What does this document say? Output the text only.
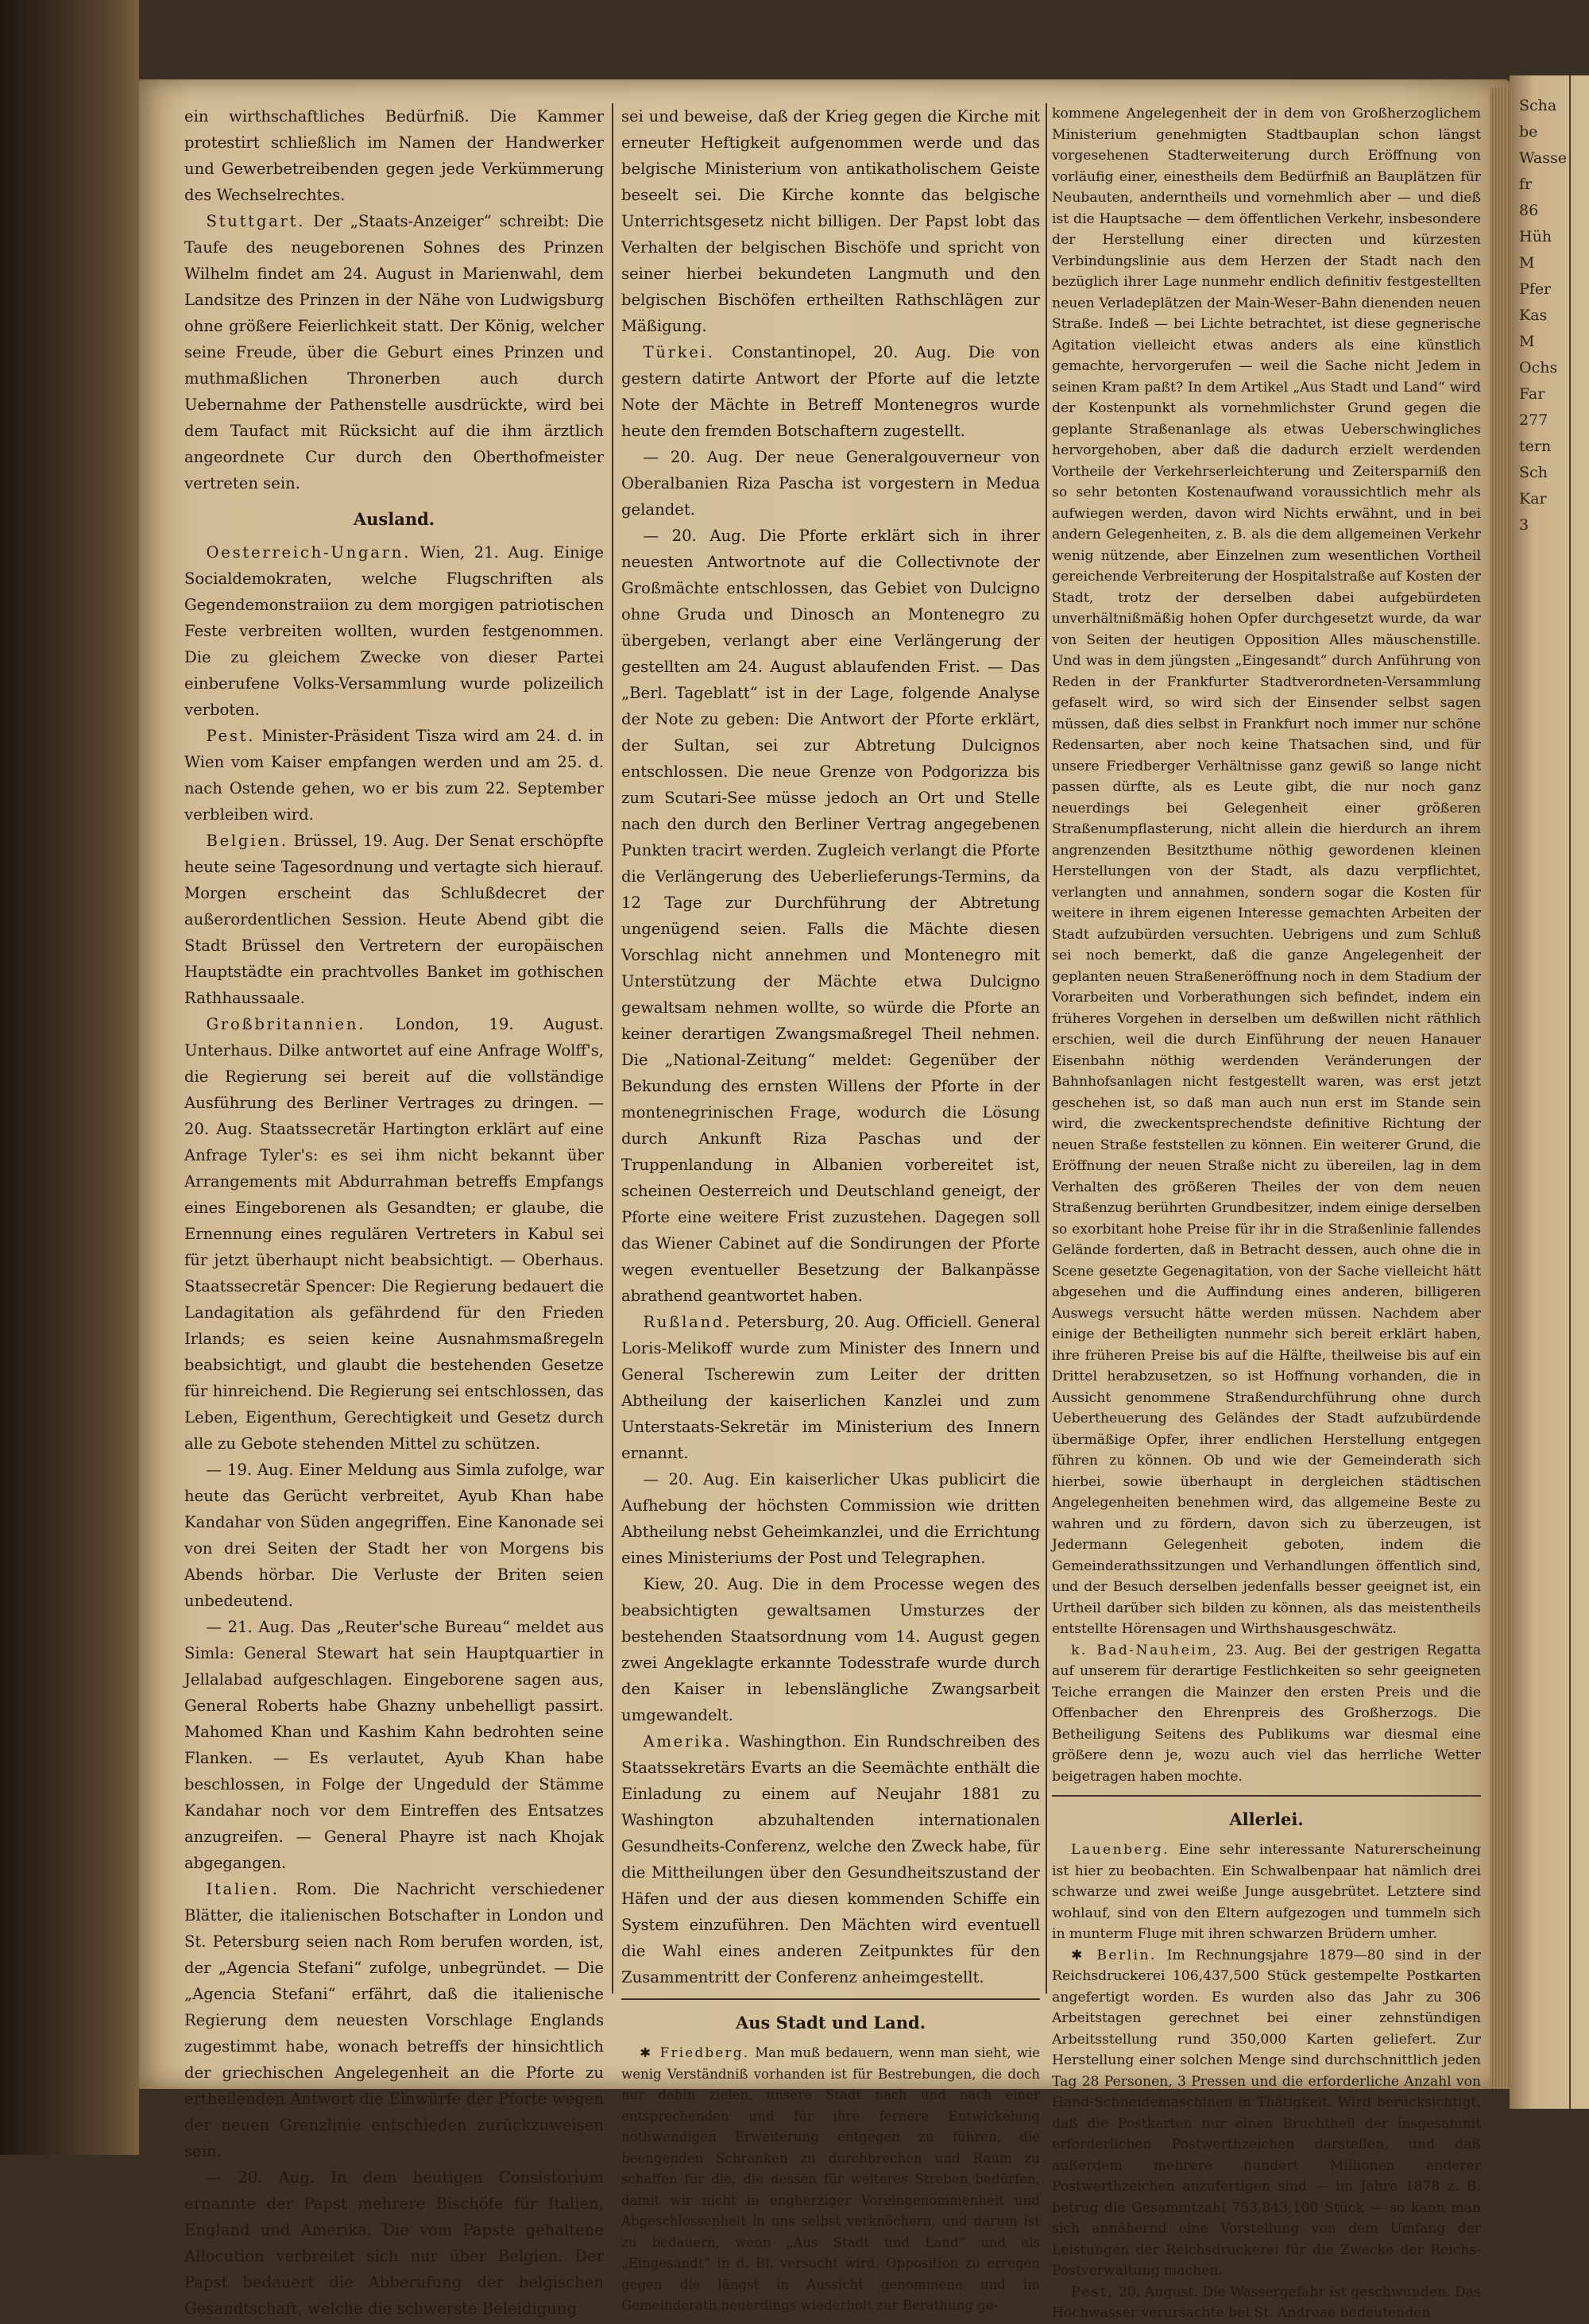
Scha
be
Wasse
fr
86
Hüh
M
Pfer
Kas
M
Ochs
Far
277
tern
Sch
Kar
3

ein wirthschaftliches Bedürfniß. Die Kammer protestirt schließlich im Namen der Handwerker und Gewerbetreibenden gegen jede Verkümmerung des Wechselrechtes.

Stuttgart. Der „Staats-Anzeiger“ schreibt: Die Taufe des neugeborenen Sohnes des Prinzen Wilhelm findet am 24. August in Marienwahl, dem Landsitze des Prinzen in der Nähe von Ludwigsburg ohne größere Feierlichkeit statt. Der König, welcher seine Freude, über die Geburt eines Prinzen und muthmaßlichen Thronerben auch durch Uebernahme der Pathenstelle ausdrückte, wird bei dem Taufact mit Rücksicht auf die ihm ärztlich angeordnete Cur durch den Oberthofmeister vertreten sein.

Ausland.

Oesterreich-Ungarn. Wien, 21. Aug. Einige Socialdemokraten, welche Flugschriften als Gegendemonstraiion zu dem morgigen patriotischen Feste verbreiten wollten, wurden festgenommen. Die zu gleichem Zwecke von dieser Partei einberufene Volks-Versammlung wurde polizeilich verboten.

Pest. Minister-Präsident Tisza wird am 24. d. in Wien vom Kaiser empfangen werden und am 25. d. nach Ostende gehen, wo er bis zum 22. September verbleiben wird.

Belgien. Brüssel, 19. Aug. Der Senat erschöpfte heute seine Tagesordnung und vertagte sich hierauf. Morgen erscheint das Schlußdecret der außerordentlichen Session. Heute Abend gibt die Stadt Brüssel den Vertretern der europäischen Hauptstädte ein prachtvolles Banket im gothischen Rathhaussaale.

Großbritannien. London, 19. August. Unterhaus. Dilke antwortet auf eine Anfrage Wolff's, die Regierung sei bereit auf die vollständige Ausführung des Berliner Vertrages zu dringen. — 20. Aug. Staatssecretär Hartington erklärt auf eine Anfrage Tyler's: es sei ihm nicht bekannt über Arrangements mit Abdurrahman betreffs Empfangs eines Eingeborenen als Gesandten; er glaube, die Ernennung eines regulären Vertreters in Kabul sei für jetzt überhaupt nicht beabsichtigt. — Oberhaus. Staatssecretär Spencer: Die Regierung bedauert die Landagitation als gefährdend für den Frieden Irlands; es seien keine Ausnahmsmaßregeln beabsichtigt, und glaubt die bestehenden Gesetze für hinreichend. Die Regierung sei entschlossen, das Leben, Eigenthum, Gerechtigkeit und Gesetz durch alle zu Gebote stehenden Mittel zu schützen.

— 19. Aug. Einer Meldung aus Simla zufolge, war heute das Gerücht verbreitet, Ayub Khan habe Kandahar von Süden angegriffen. Eine Kanonade sei von drei Seiten der Stadt her von Morgens bis Abends hörbar. Die Verluste der Briten seien unbedeutend.

— 21. Aug. Das „Reuter'sche Bureau“ meldet aus Simla: General Stewart hat sein Hauptquartier in Jellalabad aufgeschlagen. Eingeborene sagen aus, General Roberts habe Ghazny unbehelligt passirt. Mahomed Khan und Kashim Kahn bedrohten seine Flanken. — Es verlautet, Ayub Khan habe beschlossen, in Folge der Ungeduld der Stämme Kandahar noch vor dem Eintreffen des Entsatzes anzugreifen. — General Phayre ist nach Khojak abgegangen.

Italien. Rom. Die Nachricht verschiedener Blätter, die italienischen Botschafter in London und St. Petersburg seien nach Rom berufen worden, ist, der „Agencia Stefani“ zufolge, unbegründet. — Die „Agencia Stefani“ erfährt, daß die italienische Regierung dem neuesten Vorschlage Englands zugestimmt habe, wonach betreffs der hinsichtlich der griechischen Angelegenheit an die Pforte zu ertheilenden Antwort die Einwürfe der Pforte wegen der neuen Grenzlinie entschieden zurückzuweisen sein.

— 20. Aug. In dem heutigen Consistorium ernannte der Papst mehrere Bischöfe für Italien, England und Amerika. Die vom Papste gehaltene Allocution verbreitet sich nur über Belgien. Der Papst bedauert die Abberufung der belgischen Gesandtschaft, welche die schwerste Beleidigung

sei und beweise, daß der Krieg gegen die Kirche mit erneuter Heftigkeit aufgenommen werde und das belgische Ministerium von antikatholischem Geiste beseelt sei. Die Kirche konnte das belgische Unterrichtsgesetz nicht billigen. Der Papst lobt das Verhalten der belgischen Bischöfe und spricht von seiner hierbei bekundeten Langmuth und den belgischen Bischöfen ertheilten Rathschlägen zur Mäßigung.

Türkei. Constantinopel, 20. Aug. Die von gestern datirte Antwort der Pforte auf die letzte Note der Mächte in Betreff Montenegros wurde heute den fremden Botschaftern zugestellt.

— 20. Aug. Der neue Generalgouverneur von Oberalbanien Riza Pascha ist vorgestern in Medua gelandet.

— 20. Aug. Die Pforte erklärt sich in ihrer neuesten Antwortnote auf die Collectivnote der Großmächte entschlossen, das Gebiet von Dulcigno ohne Gruda und Dinosch an Montenegro zu übergeben, verlangt aber eine Verlängerung der gestellten am 24. August ablaufenden Frist. — Das „Berl. Tageblatt“ ist in der Lage, folgende Analyse der Note zu geben: Die Antwort der Pforte erklärt, der Sultan, sei zur Abtretung Dulcignos entschlossen. Die neue Grenze von Podgorizza bis zum Scutari-See müsse jedoch an Ort und Stelle nach den durch den Berliner Vertrag angegebenen Punkten tracirt werden. Zugleich verlangt die Pforte die Verlängerung des Ueberlieferungs-Termins, da 12 Tage zur Durchführung der Abtretung ungenügend seien. Falls die Mächte diesen Vorschlag nicht annehmen und Montenegro mit Unterstützung der Mächte etwa Dulcigno gewaltsam nehmen wollte, so würde die Pforte an keiner derartigen Zwangsmaßregel Theil nehmen. Die „National-Zeitung“ meldet: Gegenüber der Bekundung des ernsten Willens der Pforte in der montenegrinischen Frage, wodurch die Lösung durch Ankunft Riza Paschas und der Truppenlandung in Albanien vorbereitet ist, scheinen Oesterreich und Deutschland geneigt, der Pforte eine weitere Frist zuzustehen. Dagegen soll das Wiener Cabinet auf die Sondirungen der Pforte wegen eventueller Besetzung der Balkanpässe abrathend geantwortet haben.

Rußland. Petersburg, 20. Aug. Officiell. General Loris-Melikoff wurde zum Minister des Innern und General Tscherewin zum Leiter der dritten Abtheilung der kaiserlichen Kanzlei und zum Unterstaats-Sekretär im Ministerium des Innern ernannt.

— 20. Aug. Ein kaiserlicher Ukas publicirt die Aufhebung der höchsten Commission wie dritten Abtheilung nebst Geheimkanzlei, und die Errichtung eines Ministeriums der Post und Telegraphen.

Kiew, 20. Aug. Die in dem Processe wegen des beabsichtigten gewaltsamen Umsturzes der bestehenden Staatsordnung vom 14. August gegen zwei Angeklagte erkannte Todesstrafe wurde durch den Kaiser in lebenslängliche Zwangsarbeit umgewandelt.

Amerika. Washingthon. Ein Rundschreiben des Staatssekretärs Evarts an die Seemächte enthält die Einladung zu einem auf Neujahr 1881 zu Washington abzuhaltenden internationalen Gesundheits-Conferenz, welche den Zweck habe, für die Mittheilungen über den Gesundheitszustand der Häfen und der aus diesen kommenden Schiffe ein System einzuführen. Den Mächten wird eventuell die Wahl eines anderen Zeitpunktes für den Zusammentritt der Conferenz anheimgestellt.

Aus Stadt und Land.

✱ Friedberg. Man muß bedauern, wenn man sieht, wie wenig Verständniß vorhanden ist für Bestrebungen, die doch nur dahin zielen, unsere Stadt nach und nach einer entsprechenden und für ihre fernere Entwickelung nothwendigen Erweiterung entgegen zu führen, die beengenden Schranken zu durchbrechen und Raum zu schaffen für die, die dessen für weiteres Streben bedürfen, damit wir nicht in engherziger Voreingenommenheit und Abgeschlossenheit in uns selbst verknöchern, und darum ist zu bedauern, wenn „Aus Stadt und Land“ und als „Eingesandt“ in d. Bl. versucht wird, Opposition zu erregen gegen die längst in Aussicht genommene und im Gemeinderath neuerdings wiederholt zur Berathung ge-

kommene Angelegenheit der in dem von Großherzoglichem Ministerium genehmigten Stadtbauplan schon längst vorgesehenen Stadterweiterung durch Eröffnung von vorläufig einer, einestheils dem Bedürfniß an Bauplätzen für Neubauten, anderntheils und vornehmlich aber — und dieß ist die Hauptsache — dem öffentlichen Verkehr, insbesondere der Herstellung einer directen und kürzesten Verbindungslinie aus dem Herzen der Stadt nach den bezüglich ihrer Lage nunmehr endlich definitiv festgestellten neuen Verladeplätzen der Main-Weser-Bahn dienenden neuen Straße. Indeß — bei Lichte betrachtet, ist diese gegnerische Agitation vielleicht etwas anders als eine künstlich gemachte, hervorgerufen — weil die Sache nicht Jedem in seinen Kram paßt? In dem Artikel „Aus Stadt und Land“ wird der Kostenpunkt als vornehmlichster Grund gegen die geplante Straßenanlage als etwas Ueberschwingliches hervorgehoben, aber daß die dadurch erzielt werdenden Vortheile der Verkehrserleichterung und Zeitersparniß den so sehr betonten Kostenaufwand voraussichtlich mehr als aufwiegen werden, davon wird Nichts erwähnt, und in bei andern Gelegenheiten, z. B. als die dem allgemeinen Verkehr wenig nützende, aber Einzelnen zum wesentlichen Vortheil gereichende Verbreiterung der Hospitalstraße auf Kosten der Stadt, trotz der derselben dabei aufgebürdeten unverhältnißmäßig hohen Opfer durchgesetzt wurde, da war von Seiten der heutigen Opposition Alles mäuschenstille. Und was in dem jüngsten „Eingesandt“ durch Anführung von Reden in der Frankfurter Stadtverordneten-Versammlung gefaselt wird, so wird sich der Einsender selbst sagen müssen, daß dies selbst in Frankfurt noch immer nur schöne Redensarten, aber noch keine Thatsachen sind, und für unsere Friedberger Verhältnisse ganz gewiß so lange nicht passen dürfte, als es Leute gibt, die nur noch ganz neuerdings bei Gelegenheit einer größeren Straßenumpflasterung, nicht allein die hierdurch an ihrem angrenzenden Besitzthume nöthig gewordenen kleinen Herstellungen von der Stadt, als dazu verpflichtet, verlangten und annahmen, sondern sogar die Kosten für weitere in ihrem eigenen Interesse gemachten Arbeiten der Stadt aufzubürden versuchten. Uebrigens und zum Schluß sei noch bemerkt, daß die ganze Angelegenheit der geplanten neuen Straßeneröffnung noch in dem Stadium der Vorarbeiten und Vorberathungen sich befindet, indem ein früheres Vorgehen in derselben um deßwillen nicht räthlich erschien, weil die durch Einführung der neuen Hanauer Eisenbahn nöthig werdenden Veränderungen der Bahnhofsanlagen nicht festgestellt waren, was erst jetzt geschehen ist, so daß man auch nun erst im Stande sein wird, die zweckentsprechendste definitive Richtung der neuen Straße feststellen zu können. Ein weiterer Grund, die Eröffnung der neuen Straße nicht zu übereilen, lag in dem Verhalten des größeren Theiles der von dem neuen Straßenzug berührten Grundbesitzer, indem einige derselben so exorbitant hohe Preise für ihr in die Straßenlinie fallendes Gelände forderten, daß in Betracht dessen, auch ohne die in Scene gesetzte Gegenagitation, von der Sache vielleicht hätt abgesehen und die Auffindung eines anderen, billigeren Auswegs versucht hätte werden müssen. Nachdem aber einige der Betheiligten nunmehr sich bereit erklärt haben, ihre früheren Preise bis auf die Hälfte, theilweise bis auf ein Drittel herabzusetzen, so ist Hoffnung vorhanden, die in Aussicht genommene Straßendurchführung ohne durch Uebertheuerung des Geländes der Stadt aufzubürdende übermäßige Opfer, ihrer endlichen Herstellung entgegen führen zu können. Ob und wie der Gemeinderath sich hierbei, sowie überhaupt in dergleichen städtischen Angelegenheiten benehmen wird, das allgemeine Beste zu wahren und zu fördern, davon sich zu überzeugen, ist Jedermann Gelegenheit geboten, indem die Gemeinderathssitzungen und Verhandlungen öffentlich sind, und der Besuch derselben jedenfalls besser geeignet ist, ein Urtheil darüber sich bilden zu können, als das meistentheils entstellte Hörensagen und Wirthshausgeschwätz.

k. Bad-Nauheim, 23. Aug. Bei der gestrigen Regatta auf unserem für derartige Festlichkeiten so sehr geeigneten Teiche errangen die Mainzer den ersten Preis und die Offenbacher den Ehrenpreis des Großherzogs. Die Betheiligung Seitens des Publikums war diesmal eine größere denn je, wozu auch viel das herrliche Wetter beigetragen haben mochte.

Allerlei.

Lauenberg. Eine sehr interessante Naturerscheinung ist hier zu beobachten. Ein Schwalbenpaar hat nämlich drei schwarze und zwei weiße Junge ausgebrütet. Letztere sind wohlauf, sind von den Eltern aufgezogen und tummeln sich in munterm Fluge mit ihren schwarzen Brüdern umher.

✱ Berlin. Im Rechnungsjahre 1879—80 sind in der Reichsdruckerei 106,437,500 Stück gestempelte Postkarten angefertigt worden. Es wurden also das Jahr zu 306 Arbeitstagen gerechnet bei einer zehnstündigen Arbeitsstellung rund 350,000 Karten geliefert. Zur Herstellung einer solchen Menge sind durchschnittlich jeden Tag 28 Personen, 3 Pressen und die erforderliche Anzahl von Hand-Schneidemaschinen in Thätigkeit. Wird berücksichtigt, daß die Postkarten nur einen Bruchtheil der insgesammt erforderlichen Postwerthzeichen darstellen, und daß außerdem mehrere hundert Millionen anderer Postwerthzeichen anzufertigen sind — im Jahre 1878 z. B. betrug die Gesammtzahl 753,843,100 Stück — so kann man sich annähernd eine Vorstellung von dem Umfang der Leistungen der Reichsdruckerei für die Zwecke der Reichs-Postverwaltung machen.

Pest, 20. August. Die Wassergefahr ist geschwunden. Das Hochwasser verursachte bei St. Andreae bedeutenden
